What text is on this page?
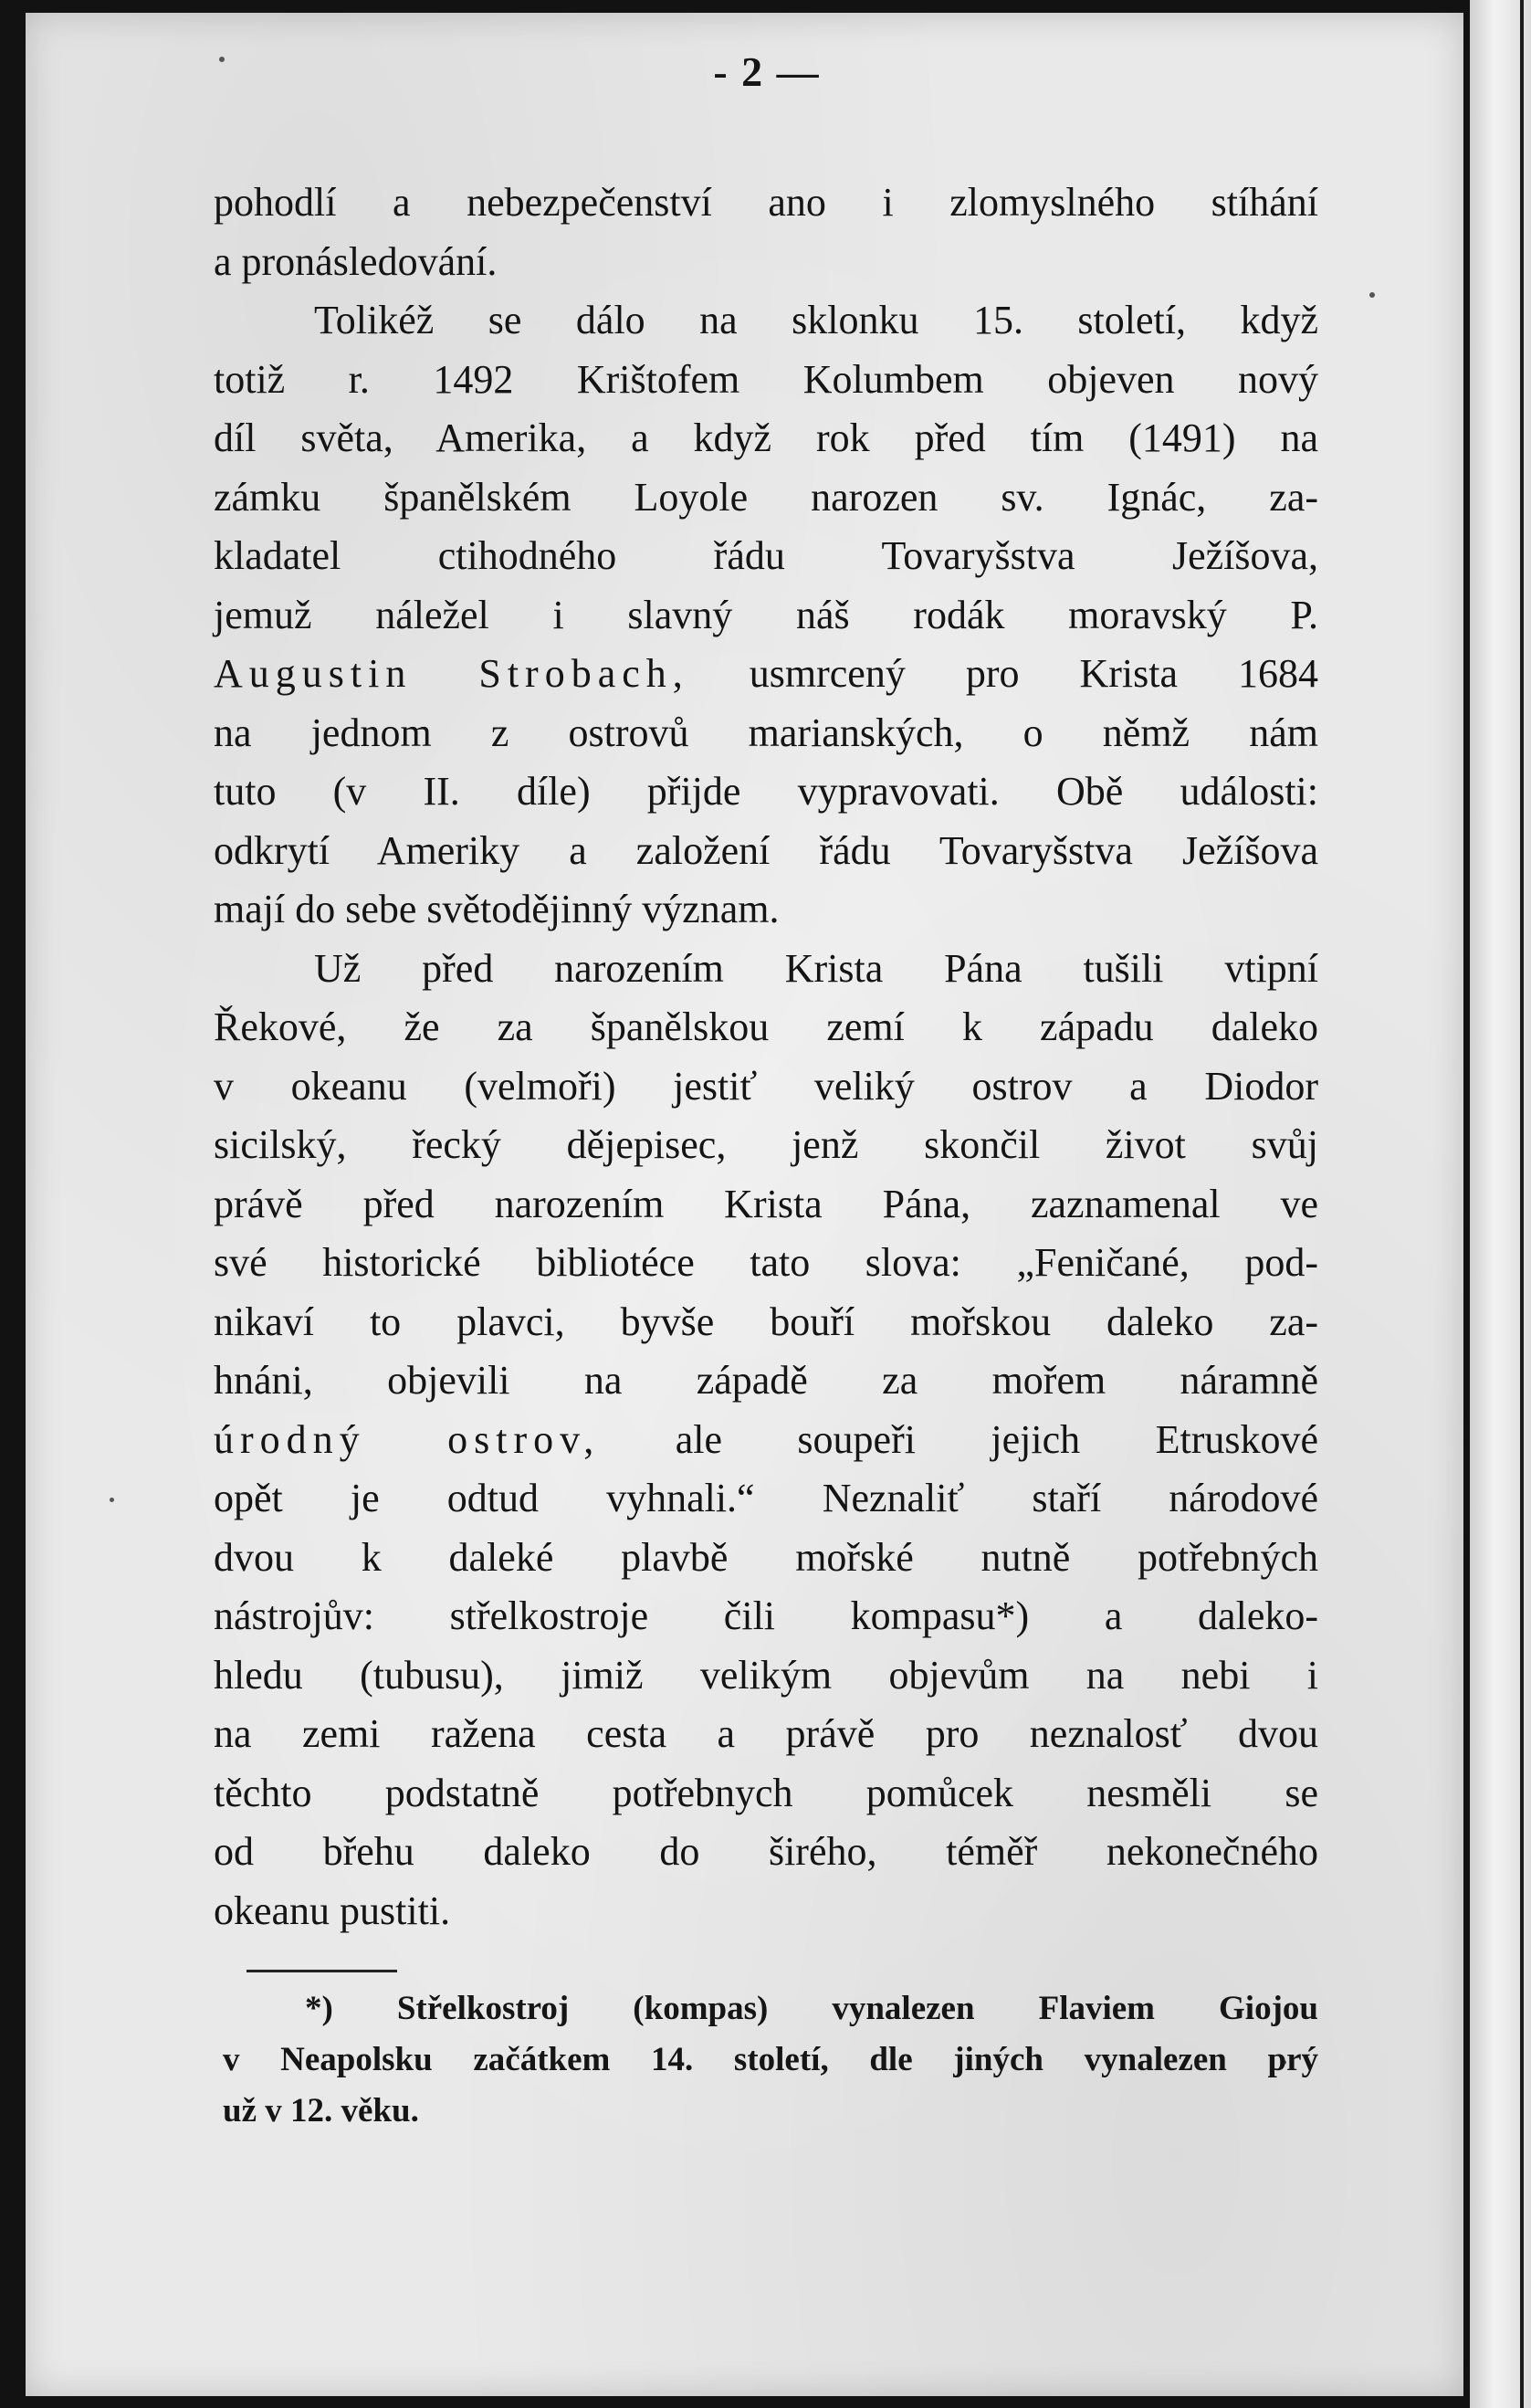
- 2 —
pohodlí a nebezpečenství ano i zlomyslného stíhání
a pronásledování.
Tolikéž se dálo na sklonku 15. století, když
totiž r. 1492 Krištofem Kolumbem objeven nový
díl světa, Amerika, a když rok před tím (1491) na
zámku španělském Loyole narozen sv. Ignác, za-
kladatel ctihodného řádu Tovaryšstva Ježíšova,
jemuž náležel i slavný náš rodák moravský P.
Augustin Strobach, usmrcený pro Krista 1684
na jednom z ostrovů marianských, o němž nám
tuto (v II. díle) přijde vypravovati. Obě události:
odkrytí Ameriky a založení řádu Tovaryšstva Ježíšova
mají do sebe světodějinný význam.
Už před narozením Krista Pána tušili vtipní
Řekové, že za španělskou zemí k západu daleko
v okeanu (velmoři) jestiť veliký ostrov a Diodor
sicilský, řecký dějepisec, jenž skončil život svůj
právě před narozením Krista Pána, zaznamenal ve
své historické bibliotéce tato slova: „Feničané, pod-
nikaví to plavci, byvše bouří mořskou daleko za-
hnáni, objevili na západě za mořem náramně
úrodný ostrov, ale soupeři jejich Etruskové
opět je odtud vyhnali.“ Neznaliť staří národové
dvou k daleké plavbě mořské nutně potřebných
nástrojův: střelkostroje čili kompasu*) a daleko-
hledu (tubusu), jimiž velikým objevům na nebi i
na zemi ražena cesta a právě pro neznalosť dvou
těchto podstatně potřebnych pomůcek nesměli se
od břehu daleko do širého, téměř nekonečného
okeanu pustiti.
*) Střelkostroj (kompas) vynalezen Flaviem Giojou
v Neapolsku začátkem 14. století, dle jiných vynalezen prý
už v 12. věku.
